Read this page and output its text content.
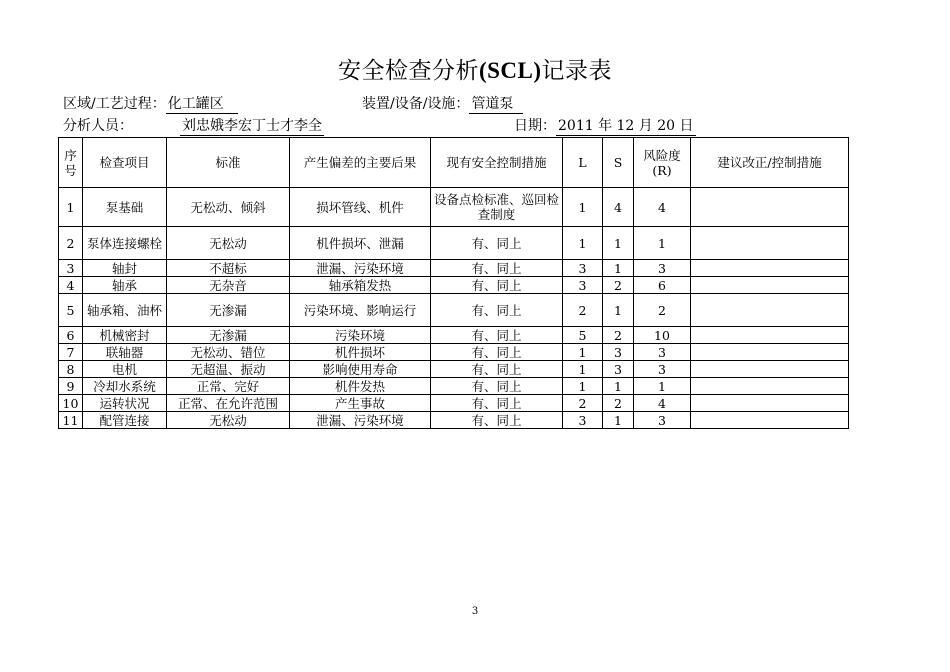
安全检查分析(SCL)记录表
区域/工艺过程： 化工罐区	装置/设备/设施： 管道泵
分析人员：	刘忠娥李宏丁士才李全	日期： 2011 年 12 月 20 日
序号	检查项目	标准	产生偏差的主要后果	现有安全控制措施	L	S	风险度(R)	建议改正/控制措施
1	泵基础	无松动、倾斜	损坏管线、机件	设备点检标准、巡回检查制度	1	4	4	
2	泵体连接螺栓	无松动	机件损坏、泄漏	有、同上	1	1	1	
3	轴封	不超标	泄漏、污染环境	有、同上	3	1	3	
4	轴承	无杂音	轴承箱发热	有、同上	3	2	6	
5	轴承箱、油杯	无渗漏	污染环境、影响运行	有、同上	2	1	2	
6	机械密封	无渗漏	污染环境	有、同上	5	2	10	
7	联轴器	无松动、错位	机件损坏	有、同上	1	3	3	
8	电机	无超温、振动	影响使用寿命	有、同上	1	3	3	
9	冷却水系统	正常、完好	机件发热	有、同上	1	1	1	
10	运转状况	正常、在允许范围	产生事故	有、同上	2	2	4	
11	配管连接	无松动	泄漏、污染环境	有、同上	3	1	3	
3
